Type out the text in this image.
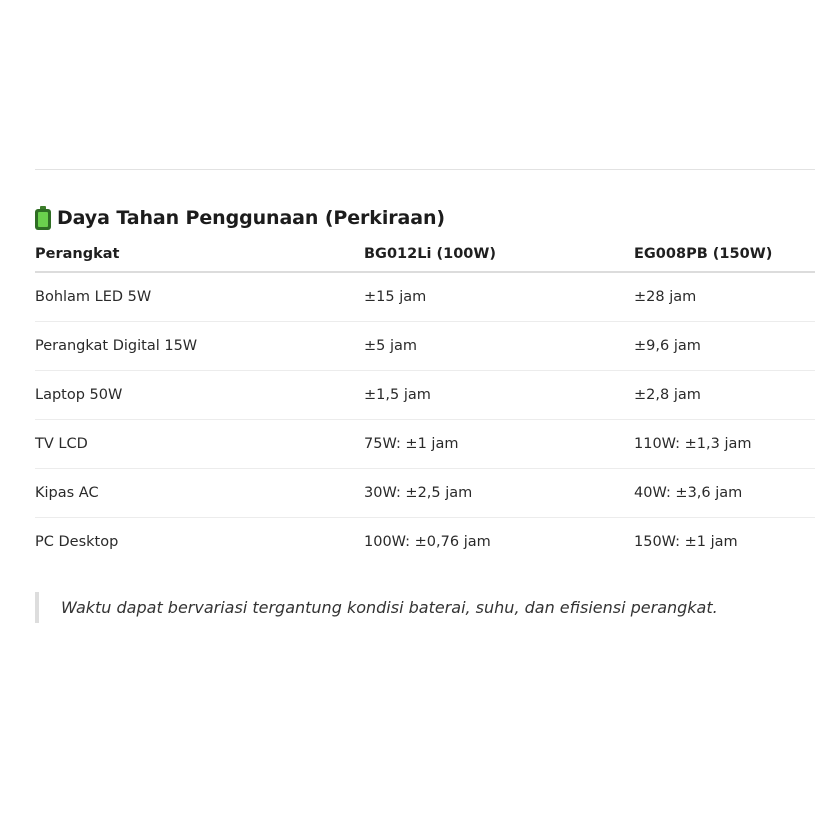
Daya Tahan Penggunaan (Perkiraan)
Perangkat	BG012Li (100W)	EG008PB (150W)
Bohlam LED 5W	±15 jam	±28 jam
Perangkat Digital 15W	±5 jam	±9,6 jam
Laptop 50W	±1,5 jam	±2,8 jam
TV LCD	75W: ±1 jam	110W: ±1,3 jam
Kipas AC	30W: ±2,5 jam	40W: ±3,6 jam
PC Desktop	100W: ±0,76 jam	150W: ±1 jam

Waktu dapat bervariasi tergantung kondisi baterai, suhu, dan efisiensi perangkat.
